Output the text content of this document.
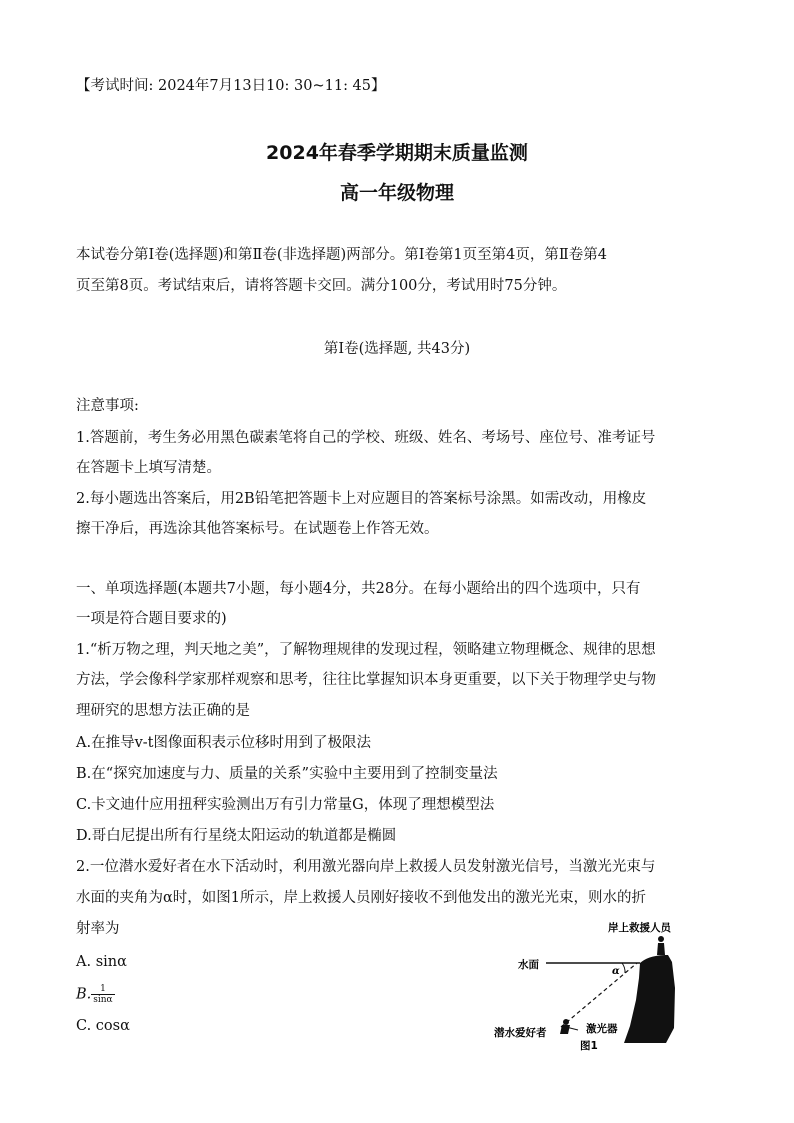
【考试时间: 2024年7月13日10: 30~11: 45】
2024年春季学期期末质量监测
高一年级物理
本试卷分第Ⅰ卷(选择题)和第Ⅱ卷(非选择题)两部分。第Ⅰ卷第1页至第4页，第Ⅱ卷第4
页至第8页。考试结束后，请将答题卡交回。满分100分，考试用时75分钟。
第Ⅰ卷(选择题, 共43分)
注意事项:
1.答题前，考生务必用黑色碳素笔将自己的学校、班级、姓名、考场号、座位号、准考证号
在答题卡上填写清楚。
2.每小题选出答案后，用2B铅笔把答题卡上对应题目的答案标号涂黑。如需改动，用橡皮
擦干净后，再选涂其他答案标号。在试题卷上作答无效。
一、单项选择题(本题共7小题，每小题4分，共28分。在每小题给出的四个选项中，只有
一项是符合题目要求的)
1.“析万物之理，判天地之美”，了解物理规律的发现过程，领略建立物理概念、规律的思想
方法，学会像科学家那样观察和思考，往往比掌握知识本身更重要，以下关于物理学史与物
理研究的思想方法正确的是
A.在推导v-t图像面积表示位移时用到了极限法
B.在“探究加速度与力、质量的关系”实验中主要用到了控制变量法
C.卡文迪什应用扭秤实验测出万有引力常量G，体现了理想模型法
D.哥白尼提出所有行星绕太阳运动的轨道都是椭圆
2.一位潜水爱好者在水下活动时，利用激光器向岸上救援人员发射激光信号，当激光光束与
水面的夹角为α时，如图1所示，岸上救援人员刚好接收不到他发出的激光光束，则水的折
射率为
A. sinα
B. $\frac{1}{\sin\alpha}$
C. cosα
岸上救援人员
水面
α
潜水爱好者	激光器
图1
